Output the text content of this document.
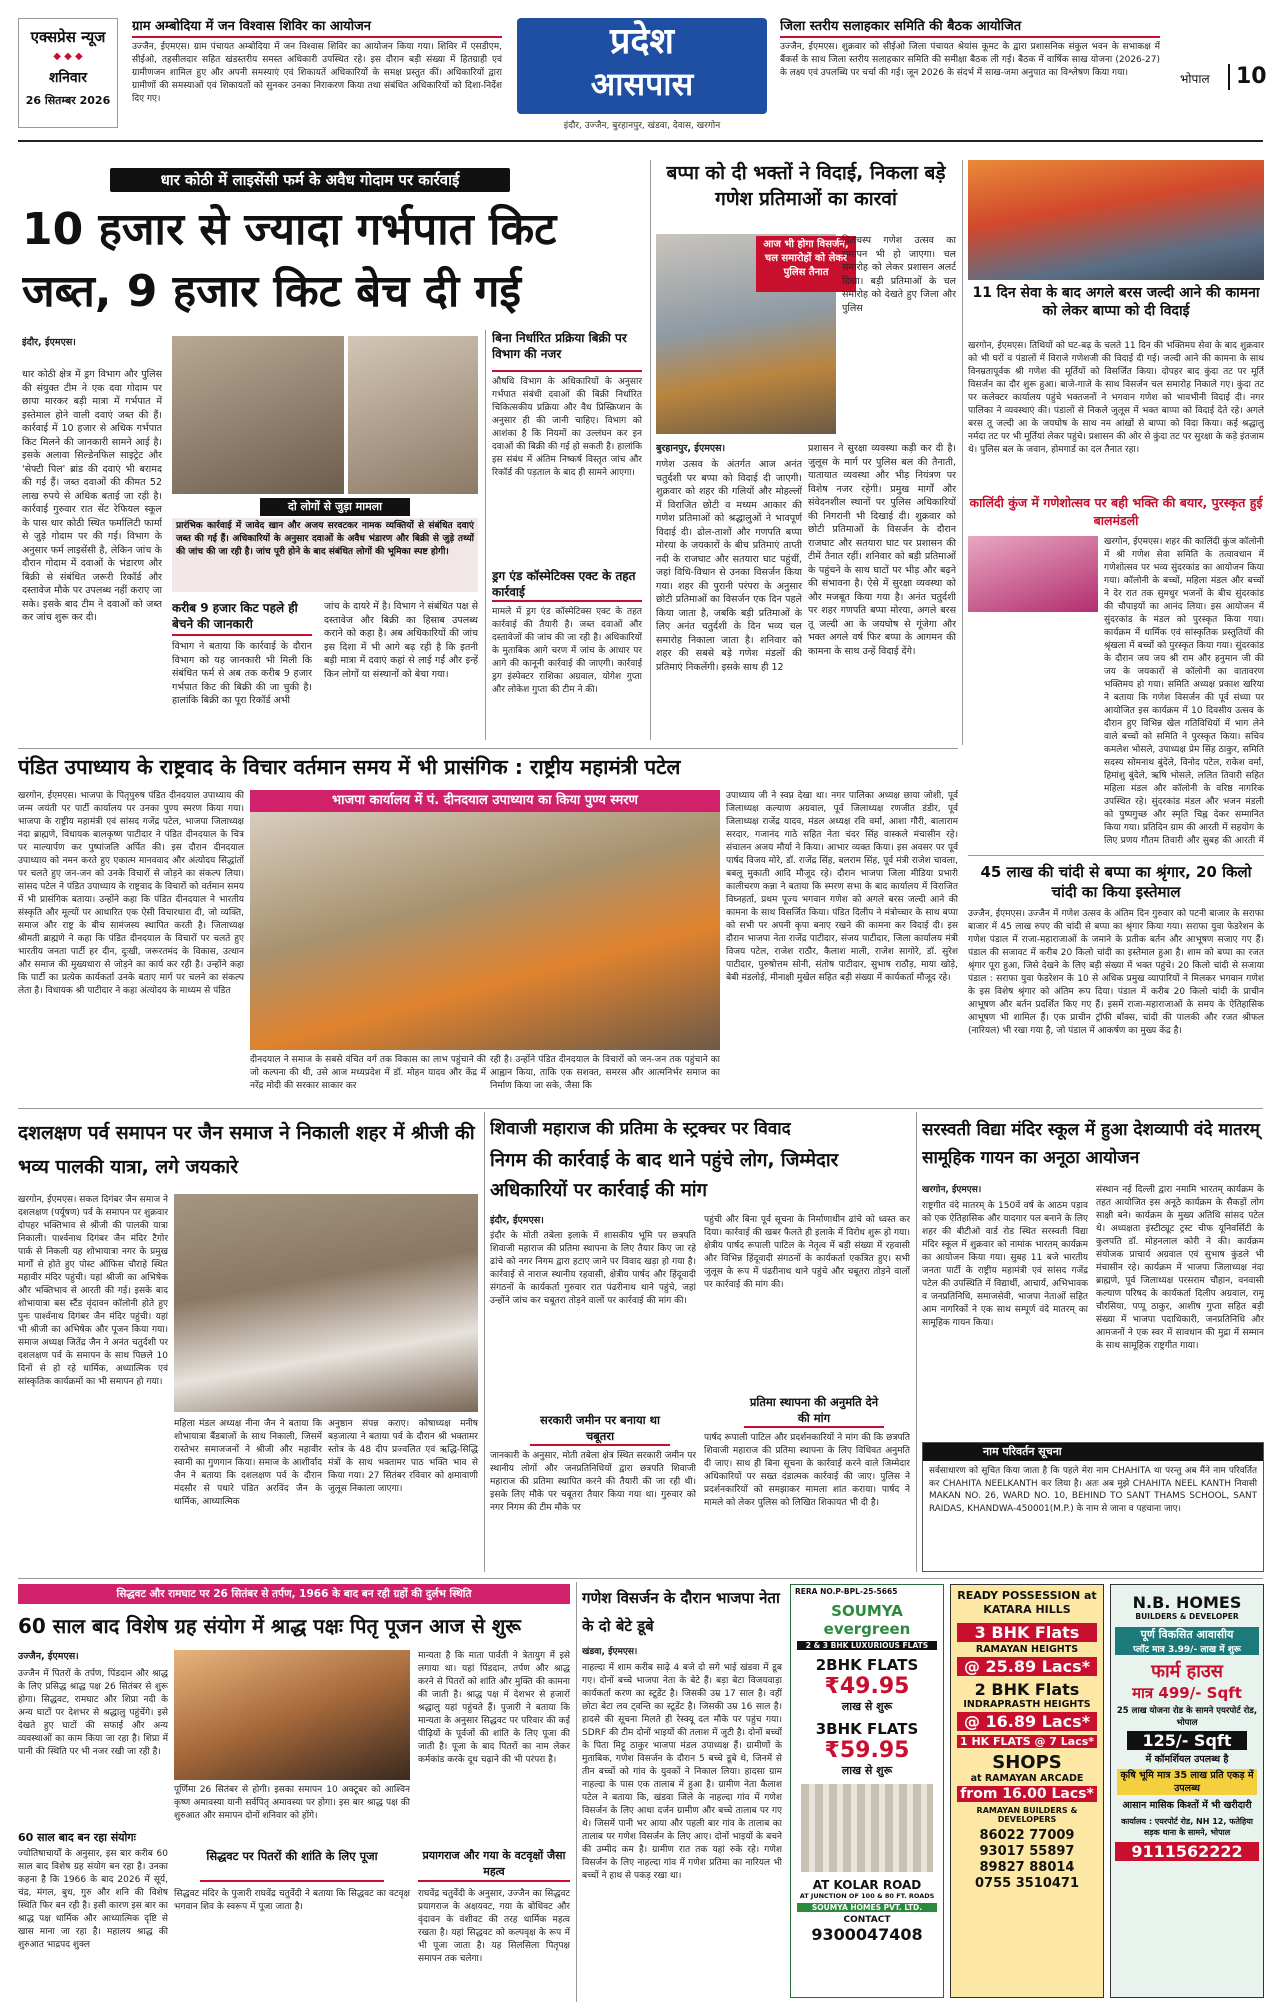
एक्सप्रेस न्यूज
◆ ◆ ◆
शनिवार
26 सितम्बर 2026
ग्राम अम्बोदिया में जन विश्वास शिविर का आयोजन
उज्जैन, ईएमएस। ग्राम पंचायत अम्बोदिया में जन विश्वास शिविर का आयोजन किया गया। शिविर में एसडीएम, सीईओ, तहसीलदार सहित खंडस्तरीय समस्त अधिकारी उपस्थित रहे। इस दौरान बड़ी संख्या में हितग्राही एवं ग्रामीणजन शामिल हुए और अपनी समस्याएं एवं शिकायतें अधिकारियों के समक्ष प्रस्तुत कीं। अधिकारियों द्वारा ग्रामीणों की समस्याओं एवं शिकायतों को सुनकर उनका निराकरण किया तथा संबंधित अधिकारियों को दिशा-निर्देश दिए गए।
प्रदेश
आसपास
इंदौर, उज्जैन, बुरहानपुर, खंडवा, देवास, खरगोन
जिला स्तरीय सलाहकार समिति की बैठक आयोजित
उज्जैन, ईएमएस। शुक्रवार को सीईओ जिला पंचायत श्रेयांस कूमट के द्वारा प्रशासनिक संकुल भवन के सभाकक्ष में बैंकर्स के साथ जिला स्तरीय सलाहकार समिति की समीक्षा बैठक ली गई। बैठक में वार्षिक साख योजना (2026-27) के लक्ष्य एवं उपलब्धि पर चर्चा की गई। जून 2026 के संदर्भ में साख-जमा अनुपात का विश्लेषण किया गया।	भोपाल	10
धार कोठी में लाइसेंसी फर्म के अवैध गोदाम पर कार्रवाई
10 हजार से ज्यादा गर्भपात किट
जब्त, 9 हजार किट बेच दी गई
इंदौर, ईएमएस।
धार कोठी क्षेत्र में ड्रग विभाग और पुलिस की संयुक्त टीम ने एक दवा गोदाम पर छापा मारकर बड़ी मात्रा में गर्भपात में इस्तेमाल होने वाली दवाएं जब्त की हैं। कार्रवाई में 10 हजार से अधिक गर्भपात किट मिलने की जानकारी सामने आई है। इसके अलावा सिल्डेनफिल साइट्रेट और 'सेफ्टी पिल' ब्रांड की दवाएं भी बरामद की गई हैं। जब्त दवाओं की कीमत 52 लाख रुपये से अधिक बताई जा रही है। कार्रवाई गुरुवार रात सेंट रेफियल स्कूल के पास धार कोठी स्थित फर्मालिटी फार्मा से जुड़े गोदाम पर की गई। विभाग के अनुसार फर्म लाइसेंसी है, लेकिन जांच के दौरान गोदाम में दवाओं के भंडारण और बिक्री से संबंधित जरूरी रिकॉर्ड और दस्तावेज मौके पर उपलब्ध नहीं कराए जा सके। इसके बाद टीम ने दवाओं को जब्त कर जांच शुरू कर दी।
दो लोगों से जुड़ा मामला
प्रारंभिक कार्रवाई में जावेद खान और अजय सरवटकर नामक व्यक्तियों से संबंधित दवाएं जब्त की गई हैं। अधिकारियों के अनुसार दवाओं के अवैध भंडारण और बिक्री से जुड़े तथ्यों की जांच की जा रही है। जांच पूरी होने के बाद संबंधित लोगों की भूमिका स्पष्ट होगी।
करीब 9 हजार किट पहले ही बेचने की जानकारी
विभाग ने बताया कि कार्रवाई के दौरान विभाग को यह जानकारी भी मिली कि संबंधित फर्म से अब तक करीब 9 हजार गर्भपात किट की बिक्री की जा चुकी है। हालांकि बिक्री का पूरा रिकॉर्ड अभी
जांच के दायरे में है। विभाग ने संबंधित पक्ष से दस्तावेज और बिक्री का हिसाब उपलब्ध कराने को कहा है। अब अधिकारियों की जांच इस दिशा में भी आगे बढ़ रही है कि इतनी बड़ी मात्रा में दवाएं कहां से लाई गईं और इन्हें किन लोगों या संस्थानों को बेचा गया।
बिना निर्धारित प्रक्रिया बिक्री पर विभाग की नजर
औषधि विभाग के अधिकारियों के अनुसार गर्भपात संबंधी दवाओं की बिक्री निर्धारित चिकित्सकीय प्रक्रिया और वैध प्रिस्क्रिप्शन के अनुसार ही की जानी चाहिए। विभाग को आशंका है कि नियमों का उल्लंघन कर इन दवाओं की बिक्री की गई हो सकती है। हालांकि इस संबंध में अंतिम निष्कर्ष विस्तृत जांच और रिकॉर्ड की पड़ताल के बाद ही सामने आएगा।
ड्रग एंड कॉस्मेटिक्स एक्ट के तहत कार्रवाई
मामले में ड्रग एंड कॉस्मेटिक्स एक्ट के तहत कार्रवाई की तैयारी है। जब्त दवाओं और दस्तावेजों की जांच की जा रही है। अधिकारियों के मुताबिक आगे चरण में जांच के आधार पर आगे की कानूनी कार्रवाई की जाएगी। कार्रवाई ड्रग इंस्पेक्टर राशिका अग्रवाल, योगेश गुप्ता और लोकेश गुप्ता की टीम ने की।
बप्पा को दी भक्तों ने विदाई, निकला बड़े गणेश प्रतिमाओं का कारवां
आज भी होगा विसर्जन, चल समारोहों को लेकर पुलिस तैनात
दिलचस्प गणेश उत्सव का समापन भी हो जाएगा। चल समारोह को लेकर प्रशासन अलर्ट दिखा। बड़ी प्रतिमाओं के चल समारोह को देखते हुए जिला और पुलिस
बुरहानपुर, ईएमएस।
गणेश उत्सव के अंतर्गत आज अनंत चतुर्दशी पर बप्पा को विदाई दी जाएगी। शुक्रवार को शहर की गलियों और मोहल्लों में विराजित छोटी व मध्यम आकार की गणेश प्रतिमाओं को श्रद्धालुओं ने भावपूर्ण विदाई दी। ढोल-ताशों और गणपति बप्पा मोरया के जयकारों के बीच प्रतिमाएं ताप्ती नदी के राजघाट और सतयारा घाट पहुंचीं, जहां विधि-विधान से उनका विसर्जन किया गया। शहर की पुरानी परंपरा के अनुसार छोटी प्रतिमाओं का विसर्जन एक दिन पहले किया जाता है, जबकि बड़ी प्रतिमाओं के लिए अनंत चतुर्दशी के दिन भव्य चल समारोह निकाला जाता है। शनिवार को शहर की सबसे बड़े गणेश मंडलों की प्रतिमाएं निकलेंगी। इसके साथ ही 12
प्रशासन ने सुरक्षा व्यवस्था कड़ी कर दी है। जुलूस के मार्ग पर पुलिस बल की तैनाती, यातायात व्यवस्था और भीड़ नियंत्रण पर विशेष नजर रहेगी। प्रमुख मार्गों और संवेदनशील स्थानों पर पुलिस अधिकारियों की निगरानी भी दिखाई दी। शुक्रवार को छोटी प्रतिमाओं के विसर्जन के दौरान राजघाट और सतयारा घाट पर प्रशासन की टीमें तैनात रहीं। शनिवार को बड़ी प्रतिमाओं के पहुंचने के साथ घाटों पर भीड़ और बढ़ने की संभावना है। ऐसे में सुरक्षा व्यवस्था को और मजबूत किया गया है। अनंत चतुर्दशी पर शहर गणपति बप्पा मोरया, अगले बरस तू जल्दी आ के जयघोष से गूंजेगा और भक्त अगले वर्ष फिर बप्पा के आगमन की कामना के साथ उन्हें विदाई देंगे।
11 दिन सेवा के बाद अगले बरस जल्दी आने की कामना को लेकर बाप्पा को दी विदाई
खरगोन, ईएमएस। तिथियों को घट-बढ़ के चलते 11 दिन की भक्तिमय सेवा के बाद शुक्रवार को भी घरों व पंडालों में विराजे गणेशजी की विदाई दी गई। जल्दी आने की कामना के साथ विनम्रतापूर्वक श्री गणेश की मूर्तियों को विसर्जित किया। दोपहर बाद कुंदा तट पर मूर्ति विसर्जन का दौर शुरू हुआ। बाजे-गाजे के साथ विसर्जन चल समारोह निकाले गए। कुंदा तट पर कलेक्टर कार्यालय पहुंचे भक्तजनों ने भगवान गणेश को भावभीनी विदाई दी। नगर पालिका ने व्यवस्थाएं की। पंडालों से निकले जुलूस में भक्त बाप्पा को विदाई देते रहे। अगले बरस तू जल्दी आ के जयघोष के साथ नम आंखों से बाप्पा को विदा किया। कई श्रद्धालु नर्मदा तट पर भी मूर्तियां लेकर पहुंचे। प्रशासन की ओर से कुंदा तट पर सुरक्षा के कड़े इंतजाम थे। पुलिस बल के जवान, होमगार्ड का दल तैनात रहा।
कालिंदी कुंज में गणेशोत्सव पर बही भक्ति की बयार, पुरस्कृत हुई बालमंडली
खरगोन, ईएमएस। शहर की कालिंदी कुंज कॉलोनी में श्री गणेश सेवा समिति के तत्वावधान में गणेशोत्सव पर भव्य सुंदरकांड का आयोजन किया गया। कॉलोनी के बच्चों, महिला मंडल और बच्चों ने देर रात तक सुमधुर भजनों के बीच सुंदरकांड की चौपाइयों का आनंद लिया। इस आयोजन में सुंदरकांड के मंडल को पुरस्कृत किया गया। कार्यक्रम में धार्मिक एवं सांस्कृतिक प्रस्तुतियों की श्रृंखला में बच्चों को पुरस्कृत किया गया। सुंदरकांड के दौरान जय जय श्री राम और हनुमान जी की जय के जयकारों से कॉलोनी का वातावरण भक्तिमय हो गया। समिति अध्यक्ष प्रकाश खरिया ने बताया कि गणेश विसर्जन की पूर्व संध्या पर आयोजित इस कार्यक्रम में 10 दिवसीय उत्सव के दौरान हुए विभिन्न खेल गतिविधियों में भाग लेने वाले बच्चों को समिति ने पुरस्कृत किया। सचिव कमलेश भोसले, उपाध्यक्ष प्रेम सिंह ठाकुर, समिति सदस्य सोमनाथ बुंदेले, विनोद पटेल, राकेश वर्मा, हिमांशु बुंदेले, ऋषि भोसले, ललित तिवारी सहित महिला मंडल और कॉलोनी के वरिष्ठ नागरिक उपस्थित रहे। सुंदरकांड मंडल और भजन मंडली को पुष्पगुच्छ और स्मृति चिह्न देकर सम्मानित किया गया। प्रतिदिन ग्राम की आरती में सहयोग के लिए प्रणय गौतम तिवारी और सुबह की आरती में
45 लाख की चांदी से बप्पा का श्रृंगार, 20 किलो चांदी का किया इस्तेमाल
उज्जैन, ईएमएस। उज्जैन में गणेश उत्सव के अंतिम दिन गुरुवार को पटनी बाजार के सराफा बाजार में 45 लाख रुपए की चांदी से बप्पा का श्रृंगार किया गया। सराफा युवा फेडरेशन के गणेश पंडाल में राजा-महाराजाओं के जमाने के प्रतीक बर्तन और आभूषण सजाए गए हैं। पंडाल की सजावट में करीब 20 किलो चांदी का इस्तेमाल हुआ है। शाम को बप्पा का रजत श्रृंगार पूरा हुआ, जिसे देखने के लिए बड़ी संख्या में भक्त पहुंचे। 20 किलो चांदी से सजाया पंडाल : सराफा युवा फेडरेशन के 10 से अधिक प्रमुख व्यापारियों ने मिलकर भगवान गणेश के इस विशेष श्रृंगार को अंतिम रूप दिया। पंडाल में करीब 20 किलो चांदी के प्राचीन आभूषण और बर्तन प्रदर्शित किए गए हैं। इसमें राजा-महाराजाओं के समय के ऐतिहासिक आभूषण भी शामिल हैं। एक प्राचीन ट्रॉफी बॉक्स, चांदी की पालकी और रजत श्रीफल (नारियल) भी रखा गया है, जो पंडाल में आकर्षण का मुख्य केंद्र है।
पंडित उपाध्याय के राष्ट्रवाद के विचार वर्तमान समय में भी प्रासंगिक : राष्ट्रीय महामंत्री पटेल
खरगोन, ईएमएस। भाजपा के पितृपुरुष पंडित दीनदयाल उपाध्याय की जन्म जयंती पर पार्टी कार्यालय पर उनका पुण्य स्मरण किया गया। भाजपा के राष्ट्रीय महामंत्री एवं सांसद गजेंद्र पटेल, भाजपा जिलाध्यक्ष नंदा ब्राह्मणे, विधायक बालकृष्ण पाटीदार ने पंडित दीनदयाल के चित्र पर माल्यार्पण कर पुष्पांजलि अर्पित की। इस दौरान दीनदयाल उपाध्याय को नमन करते हुए एकात्म मानववाद और अंत्योदय सिद्धांतों पर चलते हुए जन-जन को उनके विचारों से जोड़ने का संकल्प लिया। सांसद पटेल ने पंडित उपाध्याय के राष्ट्रवाद के विचारों को वर्तमान समय में भी प्रासंगिक बताया। उन्होंने कहा कि पंडित दीनदयाल ने भारतीय संस्कृति और मूल्यों पर आधारित एक ऐसी विचारधारा दी, जो व्यक्ति, समाज और राष्ट्र के बीच सामंजस्य स्थापित करती है। जिलाध्यक्ष श्रीमती ब्राह्मणे ने कहा कि पंडित दीनदयाल के विचारों पर चलते हुए भारतीय जनता पार्टी हर दीन, दुःखी, जरूरतमंद के विकास, उत्थान और समाज की मुख्यधारा से जोड़ने का कार्य कर रही है। उन्होंने कहा कि पार्टी का प्रत्येक कार्यकर्ता उनके बताए मार्ग पर चलने का संकल्प लेता है। विधायक श्री पाटीदार ने कहा अंत्योदय के माध्यम से पंडित
भाजपा कार्यालय में पं. दीनदयाल उपाध्याय का किया पुण्य स्मरण
दीनदयाल ने समाज के सबसे वंचित वर्ग तक विकास का लाभ पहुंचाने की जो कल्पना की थी, उसे आज मध्यप्रदेश में डॉ. मोहन यादव और केंद्र में नरेंद्र मोदी की सरकार साकार कर
रही है। उन्होंने पंडित दीनदयाल के विचारों को जन-जन तक पहुंचाने का आह्वान किया, ताकि एक सशक्त, समरस और आत्मनिर्भर समाज का निर्माण किया जा सके, जैसा कि
उपाध्याय जी ने स्वप्न देखा था। नगर पालिका अध्यक्ष छाया जोशी, पूर्व जिलाध्यक्ष कल्याण अग्रवाल, पूर्व जिलाध्यक्ष रणजीत डंडीर, पूर्व जिलाध्यक्ष राजेंद्र यादव, मंडल अध्यक्ष रवि वर्मा, आशा गौरी, बालाराम सरदार, गजानंद गाठे सहित नेता चंदर सिंह वास्कले मंचासीन रहे। संचालन अजय मौर्या ने किया। आभार व्यक्त किया। इस अवसर पर पूर्व पार्षद विजय मोरे, डॉ. राजेंद्र सिंह, बलराम सिंह, पूर्व मंत्री राजेश चावला, बबलू मुकाती आदि मौजूद रहे। दौरान भाजपा जिला मीडिया प्रभारी कालीचरण कन्ना ने बताया कि स्मरण सभा के बाद कार्यालय में विराजित विघ्नहर्ता, प्रथम पूज्य भगवान गणेश को अगले बरस जल्दी आने की कामना के साथ विसर्जित किया। पंडित दिलीप ने मंत्रोच्चार के साथ बप्पा को सभी पर अपनी कृपा बनाए रखने की कामना कर विदाई दी। इस दौरान भाजपा नेता राजेंद्र पाटीदार, संजय पाटीदार, जिला कार्यालय मंत्री विजय पटेल, राजेश राठौर, कैलाश माली, राजेश सागोरे, डॉ. सुरेश पाटीदार, पुरुषोत्तम सोनी, संतोष पाटीदार, सुभाष राठौड़, माया खोड़े, बेबी मंडलोई, मीनाक्षी मुखेल सहित बड़ी संख्या में कार्यकर्ता मौजूद रहे।
दशलक्षण पर्व समापन पर जैन समाज ने निकाली शहर में श्रीजी की भव्य पालकी यात्रा, लगे जयकारे
खरगोन, ईएमएस। सकल दिगंबर जैन समाज ने दशलक्षण (पर्यूषण) पर्व के समापन पर शुक्रवार दोपहर भक्तिभाव से श्रीजी की पालकी यात्रा निकाली। पार्श्वनाथ दिगंबर जैन मंदिर टैगोर पार्क से निकली यह शोभायात्रा नगर के प्रमुख मार्गों से होते हुए पोस्ट ऑफिस चौराहे स्थित महावीर मंदिर पहुंची। यहां श्रीजी का अभिषेक और भक्तिभाव से आरती की गई। इसके बाद शोभायात्रा बस स्टैंड वृंदावन कॉलोनी होते हुए पुनः पार्श्वनाथ दिगंबर जैन मंदिर पहुंची। यहां भी श्रीजी का अभिषेक और पूजन किया गया। समाज अध्यक्ष जितेंद्र जैन ने अनंत चतुर्दशी पर दशलक्षण पर्व के समापन के साथ पिछले 10 दिनों से हो रहे धार्मिक, अध्यात्मिक एवं सांस्कृतिक कार्यक्रमों का भी समापन हो गया।
महिला मंडल अध्यक्ष नीना जैन ने बताया कि शोभायात्रा बैंडबाजों के साथ निकाली, जिसमें रास्तेभर समाजजनों ने श्रीजी और महावीर स्वामी का गुणगान किया। समाज के आशीर्वाद जैन ने बताया कि दशलक्षण पर्व के दौरान मंदसौर से पधारे पंडित अरविंद जैन के धार्मिक, आध्यात्मिक
अनुष्ठान संपन्न कराए। कोषाध्यक्ष मनीष बड़जात्या ने बताया पर्व के दौरान श्री भक्तामर स्तोत्र के 48 दीप प्रज्वलित एवं ऋद्धि-सिद्धि मंत्रों के साथ भक्तामर पाठ भक्ति भाव से किया गया। 27 सितंबर रविवार को क्षमावाणी जुलूस निकाला जाएगा।
शिवाजी महाराज की प्रतिमा के स्ट्रक्चर पर विवाद
निगम की कार्रवाई के बाद थाने पहुंचे लोग, जिम्मेदार अधिकारियों पर कार्रवाई की मांग
इंदौर, ईएमएस।
इंदौर के मोती तबेला इलाके में शासकीय भूमि पर छत्रपति शिवाजी महाराज की प्रतिमा स्थापना के लिए तैयार किए जा रहे ढांचे को नगर निगम द्वारा हटाए जाने पर विवाद खड़ा हो गया है। कार्रवाई से नाराज स्थानीय रहवासी, क्षेत्रीय पार्षद और हिंदूवादी संगठनों के कार्यकर्ता गुरुवार रात पंढरीनाथ थाने पहुंचे, जहां उन्होंने जांच कर चबूतरा तोड़ने वालों पर कार्रवाई की मांग की।
सरकारी जमीन पर बनाया था चबूतरा
जानकारी के अनुसार, मोती तबेला क्षेत्र स्थित सरकारी जमीन पर स्थानीय लोगों और जनप्रतिनिधियों द्वारा छत्रपति शिवाजी महाराज की प्रतिमा स्थापित करने की तैयारी की जा रही थी। इसके लिए मौके पर चबूतरा तैयार किया गया था। गुरुवार को नगर निगम की टीम मौके पर
पहुंची और बिना पूर्व सूचना के निर्माणाधीन ढांचे को ध्वस्त कर दिया। कार्रवाई की खबर फैलते ही इलाके में विरोध शुरू हो गया। क्षेत्रीय पार्षद रूपाली पाटिल के नेतृत्व में बड़ी संख्या में रहवासी और विभिन्न हिंदूवादी संगठनों के कार्यकर्ता एकत्रित हुए। सभी जुलूस के रूप में पंढरीनाथ थाने पहुंचे और चबूतरा तोड़ने वालों पर कार्रवाई की मांग की।
प्रतिमा स्थापना की अनुमति देने की मांग
पार्षद रूपाली पाटिल और प्रदर्शनकारियों ने मांग की कि छत्रपति शिवाजी महाराज की प्रतिमा स्थापना के लिए विधिवत अनुमति दी जाए। साथ ही बिना सूचना के कार्रवाई करने वाले जिम्मेदार अधिकारियों पर सख्त दंडात्मक कार्रवाई की जाए। पुलिस ने प्रदर्शनकारियों को समझाकर मामला शांत कराया। पार्षद ने मामले को लेकर पुलिस को लिखित शिकायत भी दी है।
सरस्वती विद्या मंदिर स्कूल में हुआ देशव्यापी वंदे मातरम् सामूहिक गायन का अनूठा आयोजन
खरगोन, ईएमएस।
राष्ट्रगीत वंदे मातरम् के 150वें वर्ष के आठम पड़ाव को एक ऐतिहासिक और यादगार पल बनाने के लिए शहर की बीटीओ वार्ड रोड स्थित सरस्वती विद्या मंदिर स्कूल में शुक्रवार को नामांक भारतम् कार्यक्रम का आयोजन किया गया। सुबह 11 बजे भारतीय जनता पार्टी के राष्ट्रीय महामंत्री एवं सांसद गजेंद्र पटेल की उपस्थिति में विद्यार्थी, आचार्य, अभिभावक व जनप्रतिनिधि, समाजसेवी, भाजपा नेताओं सहित आम नागरिकों ने एक साथ सम्पूर्ण वंदे मातरम् का सामूहिक गायन किया।
संस्थान नई दिल्ली द्वारा नमामि भारतम् कार्यक्रम के तहत आयोजित इस अनूठे कार्यक्रम के सैकड़ों लोग साक्षी बने। कार्यक्रम के मुख्य अतिथि सांसद पटेल थे। अध्यक्षता इंस्टीट्यूट ट्रस्ट चीफ यूनिवर्सिटी के कुलपति डॉ. मोहनलाल कोरी ने की। कार्यक्रम संयोजक प्राचार्य अग्रवाल एवं सुभाष कुंडले भी मंचासीन रहे। कार्यक्रम में भाजपा जिलाध्यक्ष नंदा ब्राह्मणे, पूर्व जिलाध्यक्ष परसराम चौहान, वनवासी कल्याण परिषद के कार्यकर्ता दिलीप अग्रवाल, रामू चौरसिया, पप्पू ठाकुर, आशीष गुप्ता सहित बड़ी संख्या में भाजपा पदाधिकारी, जनप्रतिनिधि और आमजनों ने एक स्वर में सावधान की मुद्रा में सम्मान के साथ सामूहिक राष्ट्रगीत गाया।
नाम परिवर्तन सूचना
सर्वसाधारण को सूचित किया जाता है कि पहले मेरा नाम CHAHITA था परन्तु अब मैंने नाम परिवर्तित कर CHAHITA NEELKANTH कर लिया है। अतः अब मुझे CHAHITA NEEL KANTH निवासी MAKAN NO. 26, WARD NO. 10, BEHIND TO SANT THAMS SCHOOL, SANT RAIDAS, KHANDWA-450001(M.P.) के नाम से जाना व पहचाना जाए।
सिद्धवट और रामघाट पर 26 सितंबर से तर्पण, 1966 के बाद बन रही ग्रहों की दुर्लभ स्थिति
60 साल बाद विशेष ग्रह संयोग में श्राद्ध पक्षः पितृ पूजन आज से शुरू
उज्जैन, ईएमएस।
उज्जैन में पितरों के तर्पण, पिंडदान और श्राद्ध के लिए प्रसिद्ध श्राद्ध पक्ष 26 सितंबर से शुरू होगा। सिद्धवट, रामघाट और शिप्रा नदी के अन्य घाटों पर देशभर से श्रद्धालु पहुंचेंगे। इसे देखते हुए घाटों की सफाई और अन्य व्यवस्थाओं का काम किया जा रहा है। शिप्रा में पानी की स्थिति पर भी नजर रखी जा रही है।
60 साल बाद बन रहा संयोगः
ज्योतिषाचार्यों के अनुसार, इस बार करीब 60 साल बाद विशेष ग्रह संयोग बन रहा है। उनका कहना है कि 1966 के बाद 2026 में सूर्य, चंद्र, मंगल, बुध, गुरु और शनि की विशेष स्थिति फिर बन रही है। इसी कारण इस बार का श्राद्ध पक्ष धार्मिक और आध्यात्मिक दृष्टि से खास माना जा रहा है। महालय श्राद्ध की शुरुआत भाद्रपद शुक्ल
पूर्णिमा 26 सितंबर से होगी। इसका समापन 10 अक्टूबर को आश्विन कृष्ण अमावस्या यानी सर्वपितृ अमावस्या पर होगा। इस बार श्राद्ध पक्ष की शुरुआत और समापन दोनों शनिवार को होंगे।
सिद्धवट पर पितरों की शांति के लिए पूजा
सिद्धवट मंदिर के पुजारी राघवेंद्र चतुर्वेदी ने बताया कि सिद्धवट का वटवृक्ष भगवान शिव के स्वरूप में पूजा जाता है।
मान्यता है कि माता पार्वती ने त्रेतायुग में इसे लगाया था। यहां पिंडदान, तर्पण और श्राद्ध करने से पितरों को शांति और मुक्ति की कामना की जाती है। श्राद्ध पक्ष में देशभर से हजारों श्रद्धालु यहां पहुंचते हैं। पुजारी ने बताया कि मान्यता के अनुसार सिद्धवट पर परिवार की कई पीढ़ियों के पूर्वजों की शांति के लिए पूजा की जाती है। पूजा के बाद पितरों का नाम लेकर कर्मकांड करके दूध चढ़ाने की भी परंपरा है।
प्रयागराज और गया के वटवृक्षों जैसा महत्व
राघवेंद्र चतुर्वेदी के अनुसार, उज्जैन का सिद्धवट प्रयागराज के अक्षयवट, गया के बोधिवट और वृंदावन के वंशीवट की तरह धार्मिक महत्व रखता है। यहां सिद्धवट को कल्पवृक्ष के रूप में भी पूजा जाता है। यह सिलसिला पितृपक्ष समापन तक चलेगा।
गणेश विसर्जन के दौरान भाजपा नेता के दो बेटे डूबे
खंडवा, ईएमएस।
नाहल्दा में शाम करीब साढ़े 4 बजे दो सगे भाई खंडवा में डूब गए। दोनों बच्चे भाजपा नेता के बेटे हैं। बड़ा बेटा विजयवाड़ा कार्यकर्ता करण का स्टूडेंट है। जिसकी उम्र 17 साल है। वहीं छोटा बेटा लव ट्वन्ति का स्टूडेंट है। जिसकी उम्र 16 साल है। हादसे की सूचना मिलते ही रेस्क्यू दल मौके पर पहुंच गया। SDRF की टीम दोनों भाइयों की तलाश में जुटी है। दोनों बच्चों के पिता मिट्टू ठाकुर भाजपा मंडल उपाध्यक्ष हैं। ग्रामीणों के मुताबिक, गणेश विसर्जन के दौरान 5 बच्चे डूबे थे, जिनमें से तीन बच्चों को गांव के युवकों ने निकाल लिया। हादसा ग्राम नाहल्दा के पास एक तालाब में हुआ है। ग्रामीण नेता कैलाश पटेल ने बताया कि, खंडवा जिले के नाहल्दा गांव में गणेश विसर्जन के लिए आधा दर्जन ग्रामीण और बच्चे तालाब पर गए थे। जिसमें पानी भर आया और पहली बार गांव के तालाब का तालाब पर गणेश विसर्जन के लिए आए। दोनों भाइयों के बचने की उम्मीद कम है। ग्रामीण रात तक यहां रुके रहे। गणेश विसर्जन के लिए नाहल्दा गांव में गणेश प्रतिमा का नारियल भी बच्चों ने हाथ से पकड़ रखा था।
RERA NO.P-BPL-25-5665
SOUMYA evergreen
2 & 3 BHK LUXURIOUS FLATS
2BHK FLATS
₹49.95
लाख से शुरू
3BHK FLATS
₹59.95
लाख से शुरू
AT KOLAR ROAD
AT JUNCTION OF 100 & 80 FT. ROADS
SOUMYA HOMES PVT. LTD.
CONTACT
9300047408
READY POSSESSION at KATARA HILLS
3 BHK Flats
RAMAYAN HEIGHTS
@ 25.89 Lacs*
2 BHK Flats
INDRAPRASTH HEIGHTS
@ 16.89 Lacs*
1 HK FLATS @ 7 Lacs*
SHOPS
at RAMAYAN ARCADE
from 16.00 Lacs*
RAMAYAN BUILDERS & DEVELOPERS
86022 77009
93017 55897
89827 88014
0755 3510471
N.B. HOMES
BUILDERS & DEVELOPER
पूर्ण विकसित आवासीय
प्लॉट मात्र 3.99/- लाख में शुरू
फार्म हाउस
मात्र 499/- Sqft
25 लाख योजना रोड के सामने एयरपोर्ट रोड, भोपाल
125/- Sqft
में कॉमर्शियल उपलब्ध है
कृषि भूमि मात्र 35 लाख प्रति एकड़ में उपलब्ध
आसान मासिक किश्तों में भी खरीदारी
कार्यालय : एयरपोर्ट रोड, NH 12, फतेहिया सड़क थाना के सामने, भोपाल
9111562222
